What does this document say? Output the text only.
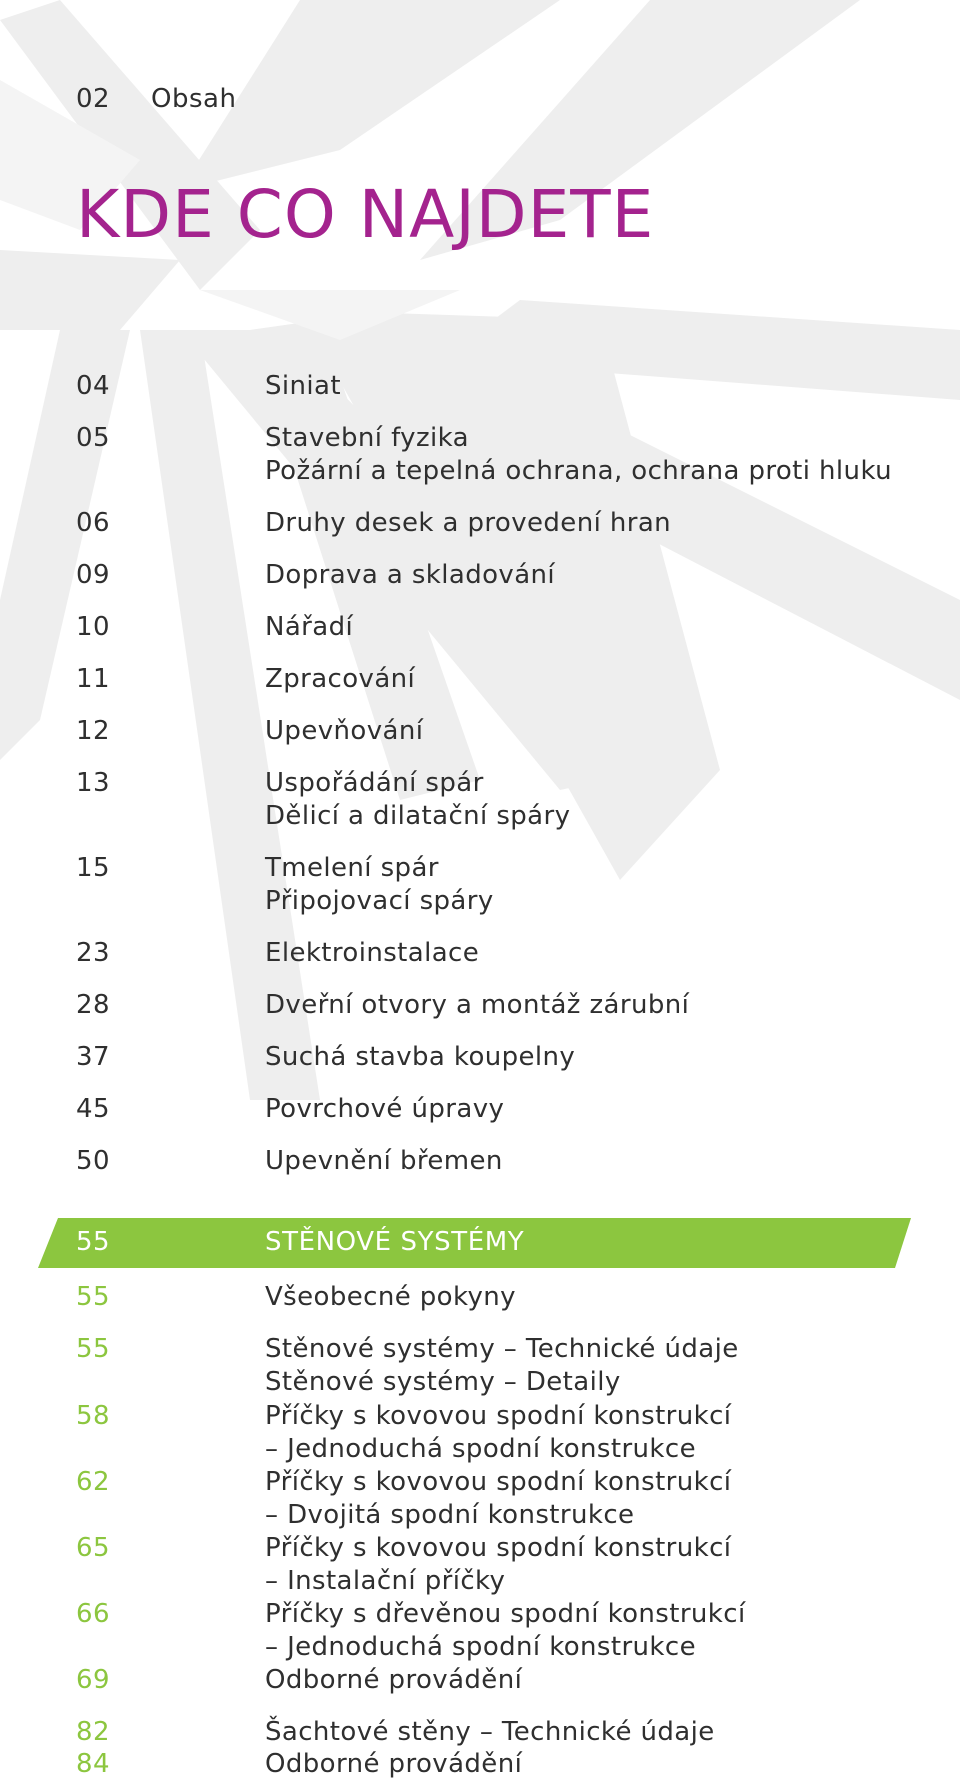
02 Obsah
KDE CO NAJDETE
04	Siniat
05	Stavební fyzika
Požární a tepelná ochrana, ochrana proti hluku
06	Druhy desek a provedení hran
09	Doprava a skladování
10	Nářadí
11	Zpracování
12	Upevňování
13	Uspořádání spár
Dělicí a dilatační spáry
15	Tmelení spár
Připojovací spáry
23	Elektroinstalace
28	Dveřní otvory a montáž zárubní
37	Suchá stavba koupelny
45	Povrchové úpravy
50	Upevnění břemen
55	STĚNOVÉ SYSTÉMY
55	Všeobecné pokyny
55	Stěnové systémy – Technické údaje
Stěnové systémy – Detaily
58	Příčky s kovovou spodní konstrukcí
– Jednoduchá spodní konstrukce
62	Příčky s kovovou spodní konstrukcí
– Dvojitá spodní konstrukce
65	Příčky s kovovou spodní konstrukcí
– Instalační příčky
66	Příčky s dřevěnou spodní konstrukcí
– Jednoduchá spodní konstrukce
69	Odborné provádění
82	Šachtové stěny – Technické údaje
84	Odborné provádění
